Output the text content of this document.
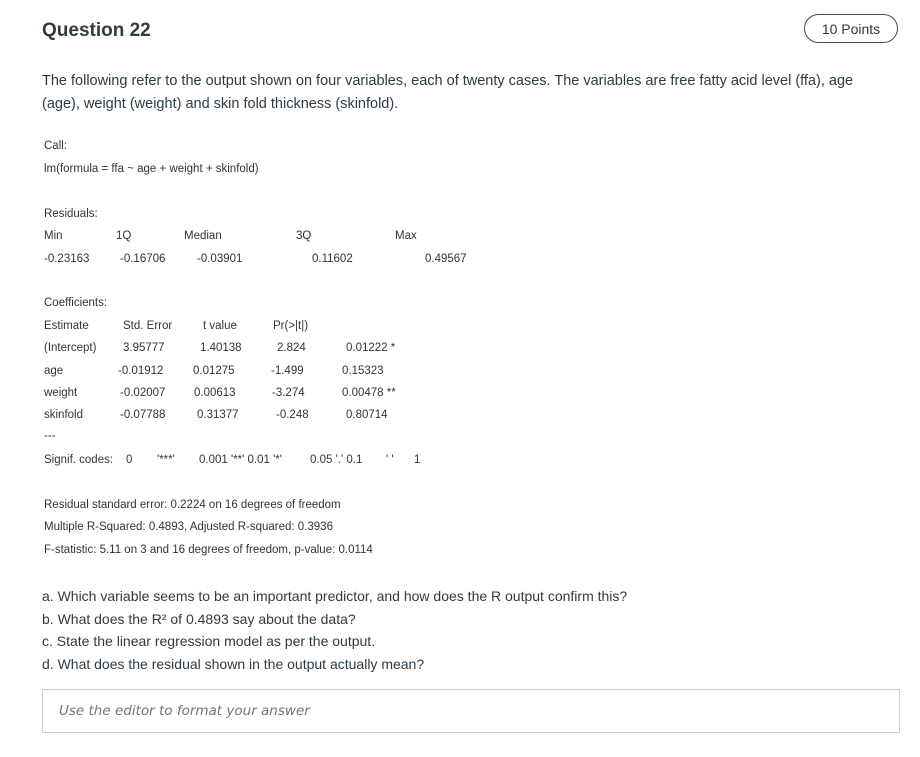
Question 22	10 Points
The following refer to the output shown on four variables, each of twenty cases. The variables are free fatty acid level (ffa), age
(age), weight (weight) and skin fold thickness (skinfold).
Call:
lm(formula = ffa ~ age + weight + skinfold)
Residuals:
Min	1Q	Median	3Q	Max
-0.23163	-0.16706	-0.03901	0.11602	0.49567
Coefficients:
Estimate	Std. Error	t value	Pr(>|t|)
(Intercept) 3.95777	1.40138	2.824	0.01222 *
age	-0.01912	0.01275	-1.499	0.15323
weight	-0.02007 0.00613	-3.274	0.00478 **
skinfold	-0.07788	0.31377	-0.248	0.80714
---
Signif. codes: 0 '***' 0.001 '**' 0.01 '*' 0.05 '.' 0.1 ' ' 1
Residual standard error: 0.2224 on 16 degrees of freedom
Multiple R-Squared: 0.4893, Adjusted R-squared: 0.3936
F-statistic: 5.11 on 3 and 16 degrees of freedom, p-value: 0.0114
a. Which variable seems to be an important predictor, and how does the R output confirm this?
b. What does the R² of 0.4893 say about the data?
c. State the linear regression model as per the output.
d. What does the residual shown in the output actually mean?
Use the editor to format your answer
